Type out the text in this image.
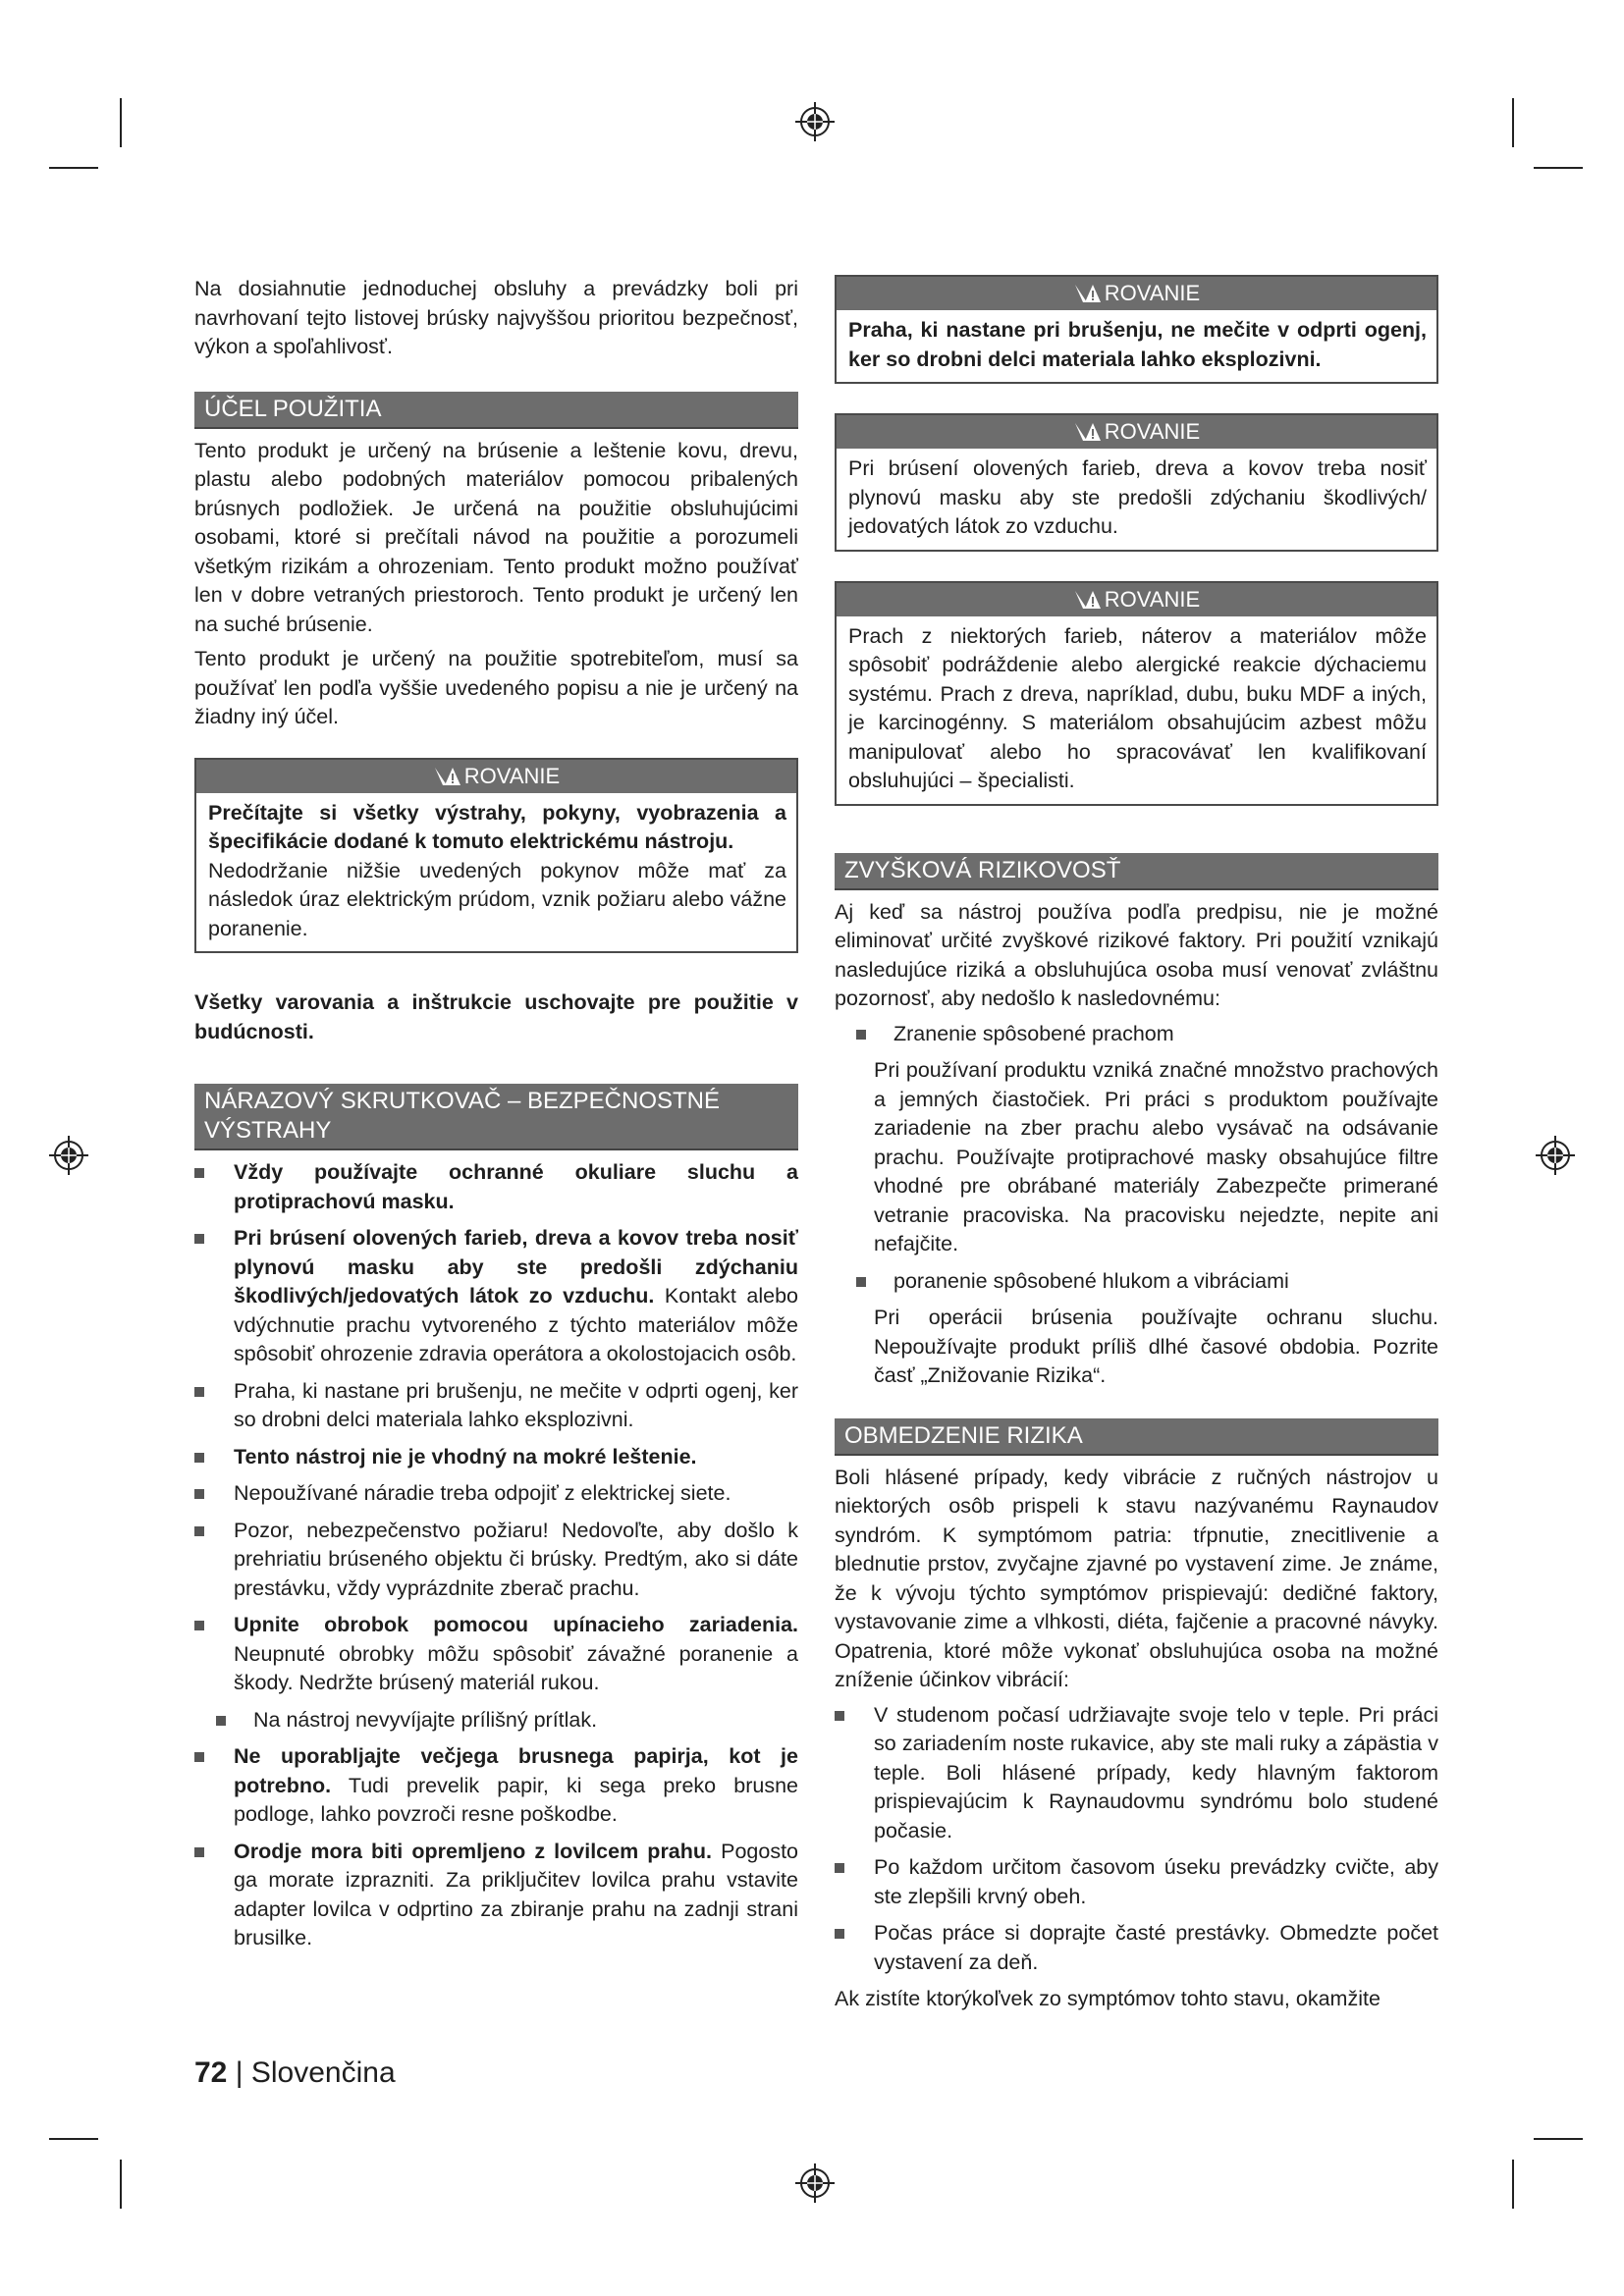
Na dosiahnutie jednoduchej obsluhy a prevádzky boli pri navrhovaní tejto listovej brúsky najvyššou prioritou bezpečnosť, výkon a spoľahlivosť.

ÚČEL POUŽITIA

Tento produkt je určený na brúsenie a leštenie kovu, drevu, plastu alebo podobných materiálov pomocou pribalených brúsnych podložiek. Je určená na použitie obsluhujúcimi osobami, ktoré si prečítali návod na použitie a porozumeli všetkým rizikám a ohrozeniam. Tento produkt možno používať len v dobre vetraných priestoroch. Tento produkt je určený len na suché brúsenie.

Tento produkt je určený na použitie spotrebiteľom, musí sa používať len podľa vyššie uvedeného popisu a nie je určený na žiadny iný účel.

ROVANIE

Prečítajte si všetky výstrahy, pokyny, vyobrazenia a špecifikácie dodané k tomuto elektrickému nástroju.

Nedodržanie nižšie uvedených pokynov môže mať za následok úraz elektrickým prúdom, vznik požiaru alebo vážne poranenie.

Všetky varovania a inštrukcie uschovajte pre použitie v budúcnosti.

NÁRAZOVÝ SKRUTKOVAČ – BEZPEČNOSTNÉ VÝSTRAHY
Vždy používajte ochranné okuliare sluchu a protiprachovú masku.
Pri brúsení olovených farieb, dreva a kovov treba nosiť plynovú masku aby ste predošli zdýchaniu škodlivých/jedovatých látok zo vzduchu. Kontakt alebo vdýchnutie prachu vytvoreného z týchto materiálov môže spôsobiť ohrozenie zdravia operátora a okolostojacich osôb.
Praha, ki nastane pri brušenju, ne mečite v odprti ogenj, ker so drobni delci materiala lahko eksplozivni.
Tento nástroj nie je vhodný na mokré leštenie.
Nepoužívané náradie treba odpojiť z elektrickej siete.
Pozor, nebezpečenstvo požiaru! Nedovoľte, aby došlo k prehriatiu brúseného objektu či brúsky. Predtým, ako si dáte prestávku, vždy vyprázdnite zberač prachu.
Upnite obrobok pomocou upínacieho zariadenia. Neupnuté obrobky môžu spôsobiť závažné poranenie a škody. Nedržte brúsený materiál rukou.
Na nástroj nevyvíjajte prílišný prítlak.
Ne uporabljajte večjega brusnega papirja, kot je potrebno. Tudi prevelik papir, ki sega preko brusne podloge, lahko povzroči resne poškodbe.
Orodje mora biti opremljeno z lovilcem prahu. Pogosto ga morate izprazniti. Za priključitev lovilca prahu vstavite adapter lovilca v odprtino za zbiranje prahu na zadnji strani brusilke.
ROVANIE

Praha, ki nastane pri brušenju, ne mečite v odprti ogenj, ker so drobni delci materiala lahko eksplozivni.

ROVANIE

Pri brúsení olovených farieb, dreva a kovov treba nosiť plynovú masku aby ste predošli zdýchaniu škodlivých/ jedovatých látok zo vzduchu.

ROVANIE

Prach z niektorých farieb, náterov a materiálov môže spôsobiť podráždenie alebo alergické reakcie dýchaciemu systému. Prach z dreva, napríklad, dubu, buku MDF a iných, je karcinogénny. S materiálom obsahujúcim azbest môžu manipulovať alebo ho spracovávať len kvalifikovaní obsluhujúci – špecialisti.

ZVYŠKOVÁ RIZIKOVOSŤ

Aj keď sa nástroj používa podľa predpisu, nie je možné eliminovať určité zvyškové rizikové faktory. Pri použití vznikajú nasledujúce riziká a obsluhujúca osoba musí venovať zvláštnu pozornosť, aby nedošlo k nasledovnému:

Zranenie spôsobené prachom
Pri používaní produktu vzniká značné množstvo prachových a jemných čiastočiek. Pri práci s produktom používajte zariadenie na zber prachu alebo vysávač na odsávanie prachu. Používajte protiprachové masky obsahujúce filtre vhodné pre obrábané materiály Zabezpečte primerané vetranie pracoviska. Na pracovisku nejedzte, nepite ani nefajčite.
poranenie spôsobené hlukom a vibráciami
Pri operácii brúsenia používajte ochranu sluchu. Nepoužívajte produkt príliš dlhé časové obdobia. Pozrite časť „Znižovanie Rizika“.
OBMEDZENIE RIZIKA

Boli hlásené prípady, kedy vibrácie z ručných nástrojov u niektorých osôb prispeli k stavu nazývanému Raynaudov syndróm. K symptómom patria: tŕpnutie, znecitlivenie a blednutie prstov, zvyčajne zjavné po vystavení zime. Je známe, že k vývoju týchto symptómov prispievajú: dedičné faktory, vystavovanie zime a vlhkosti, diéta, fajčenie a pracovné návyky. Opatrenia, ktoré môže vykonať obsluhujúca osoba na možné zníženie účinkov vibrácií:

V studenom počasí udržiavajte svoje telo v teple. Pri práci so zariadením noste rukavice, aby ste mali ruky a zápästia v teple. Boli hlásené prípady, kedy hlavným faktorom prispievajúcim k Raynaudovmu syndrómu bolo studené počasie.
Po každom určitom časovom úseku prevádzky cvičte, aby ste zlepšili krvný obeh.
Počas práce si doprajte časté prestávky. Obmedzte počet vystavení za deň.

Ak zistíte ktorýkoľvek zo symptómov tohto stavu, okamžite

72 | Slovenčina
